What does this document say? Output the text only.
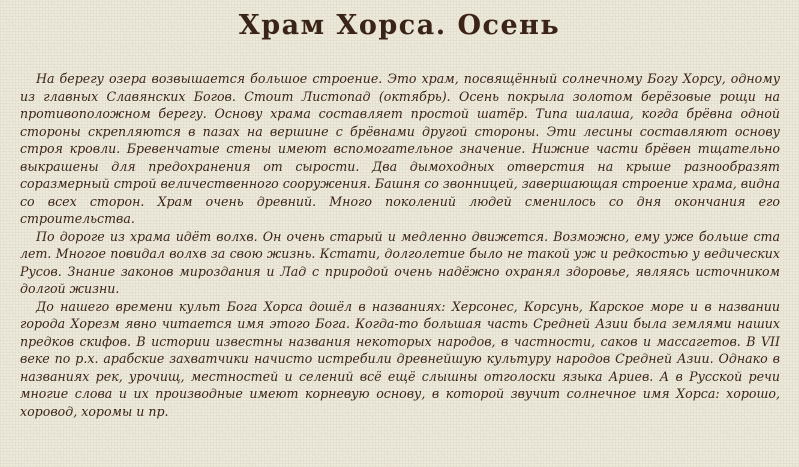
Храм Хорса. Осень

На берегу озера возвышается большое строение. Это храм, посвящённый солнечному Богу Хорсу, одному из главных Славянских Богов. Стоит Листопад (октябрь). Осень покрыла золотом берёзовые рощи на противоположном берегу. Основу храма составляет простой шатёр. Типа шалаша, когда брёвна одной стороны скрепляются в пазах на вершине с брёвнами другой стороны. Эти лесины составляют основу строя кровли. Бревенчатые стены имеют вспомогательное значение. Нижние части брёвен тщательно выкрашены для предохранения от сырости. Два дымоходных отверстия на крыше разнообразят соразмерный строй величественного сооружения. Башня со звонницей, завершающая строение храма, видна со всех сторон. Храм очень древний. Много поколений людей сменилось со дня окончания его строительства.

По дороге из храма идёт волхв. Он очень старый и медленно движется. Возможно, ему уже больше ста лет. Многое повидал волхв за свою жизнь. Кстати, долголетие было не такой уж и редкостью у ведических Русов. Знание законов мироздания и Лад с природой очень надёжно охранял здоровье, являясь источником долгой жизни.

До нашего времени культ Бога Хорса дошёл в названиях: Херсонес, Корсунь, Карское море и в названии города Хорезм явно читается имя этого Бога. Когда-то большая часть Средней Азии была землями наших предков скифов. В истории известны названия некоторых народов, в частности, саков и массагетов. В VII веке по р.х. арабские захватчики начисто истребили древнейшую культуру народов Средней Азии. Однако в названиях рек, урочищ, местностей и селений всё ещё слышны отголоски языка Ариев. А в Русской речи многие слова и их производные имеют корневую основу, в которой звучит солнечное имя Хорса: хорошо, хоровод, хоромы и пр.
